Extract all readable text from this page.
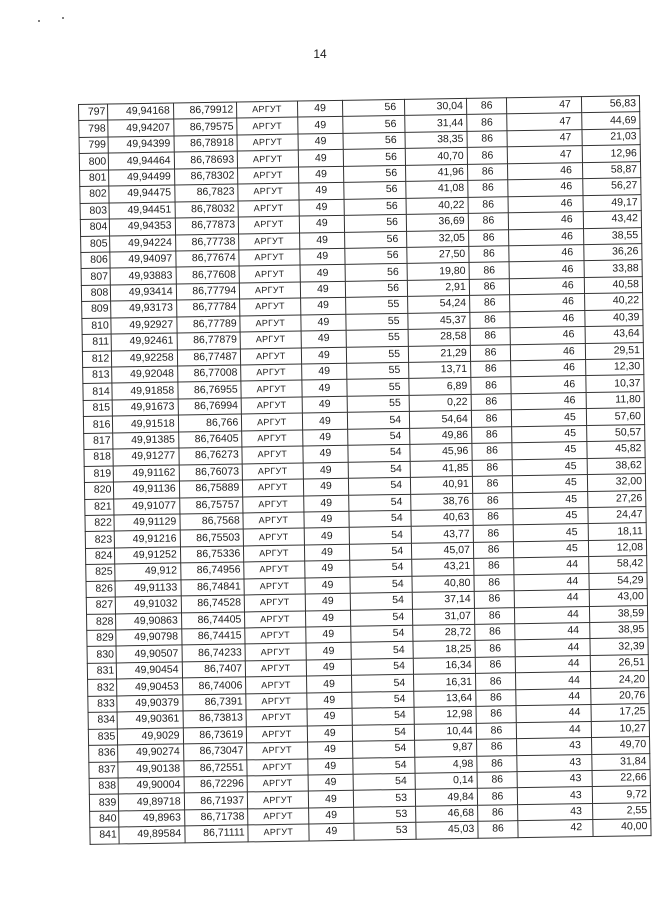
14
797	49,94168	86,79912	АРГУТ	49	56	30,04	86	47	56,83
798	49,94207	86,79575	АРГУТ	49	56	31,44	86	47	44,69
799	49,94399	86,78918	АРГУТ	49	56	38,35	86	47	21,03
800	49,94464	86,78693	АРГУТ	49	56	40,70	86	47	12,96
801	49,94499	86,78302	АРГУТ	49	56	41,96	86	46	58,87
802	49,94475	86,7823	АРГУТ	49	56	41,08	86	46	56,27
803	49,94451	86,78032	АРГУТ	49	56	40,22	86	46	49,17
804	49,94353	86,77873	АРГУТ	49	56	36,69	86	46	43,42
805	49,94224	86,77738	АРГУТ	49	56	32,05	86	46	38,55
806	49,94097	86,77674	АРГУТ	49	56	27,50	86	46	36,26
807	49,93883	86,77608	АРГУТ	49	56	19,80	86	46	33,88
808	49,93414	86,77794	АРГУТ	49	56	2,91	86	46	40,58
809	49,93173	86,77784	АРГУТ	49	55	54,24	86	46	40,22
810	49,92927	86,77789	АРГУТ	49	55	45,37	86	46	40,39
811	49,92461	86,77879	АРГУТ	49	55	28,58	86	46	43,64
812	49,92258	86,77487	АРГУТ	49	55	21,29	86	46	29,51
813	49,92048	86,77008	АРГУТ	49	55	13,71	86	46	12,30
814	49,91858	86,76955	АРГУТ	49	55	6,89	86	46	10,37
815	49,91673	86,76994	АРГУТ	49	55	0,22	86	46	11,80
816	49,91518	86,766	АРГУТ	49	54	54,64	86	45	57,60
817	49,91385	86,76405	АРГУТ	49	54	49,86	86	45	50,57
818	49,91277	86,76273	АРГУТ	49	54	45,96	86	45	45,82
819	49,91162	86,76073	АРГУТ	49	54	41,85	86	45	38,62
820	49,91136	86,75889	АРГУТ	49	54	40,91	86	45	32,00
821	49,91077	86,75757	АРГУТ	49	54	38,76	86	45	27,26
822	49,91129	86,7568	АРГУТ	49	54	40,63	86	45	24,47
823	49,91216	86,75503	АРГУТ	49	54	43,77	86	45	18,11
824	49,91252	86,75336	АРГУТ	49	54	45,07	86	45	12,08
825	49,912	86,74956	АРГУТ	49	54	43,21	86	44	58,42
826	49,91133	86,74841	АРГУТ	49	54	40,80	86	44	54,29
827	49,91032	86,74528	АРГУТ	49	54	37,14	86	44	43,00
828	49,90863	86,74405	АРГУТ	49	54	31,07	86	44	38,59
829	49,90798	86,74415	АРГУТ	49	54	28,72	86	44	38,95
830	49,90507	86,74233	АРГУТ	49	54	18,25	86	44	32,39
831	49,90454	86,7407	АРГУТ	49	54	16,34	86	44	26,51
832	49,90453	86,74006	АРГУТ	49	54	16,31	86	44	24,20
833	49,90379	86,7391	АРГУТ	49	54	13,64	86	44	20,76
834	49,90361	86,73813	АРГУТ	49	54	12,98	86	44	17,25
835	49,9029	86,73619	АРГУТ	49	54	10,44	86	44	10,27
836	49,90274	86,73047	АРГУТ	49	54	9,87	86	43	49,70
837	49,90138	86,72551	АРГУТ	49	54	4,98	86	43	31,84
838	49,90004	86,72296	АРГУТ	49	54	0,14	86	43	22,66
839	49,89718	86,71937	АРГУТ	49	53	49,84	86	43	9,72
840	49,8963	86,71738	АРГУТ	49	53	46,68	86	43	2,55
841	49,89584	86,71111	АРГУТ	49	53	45,03	86	42	40,00
